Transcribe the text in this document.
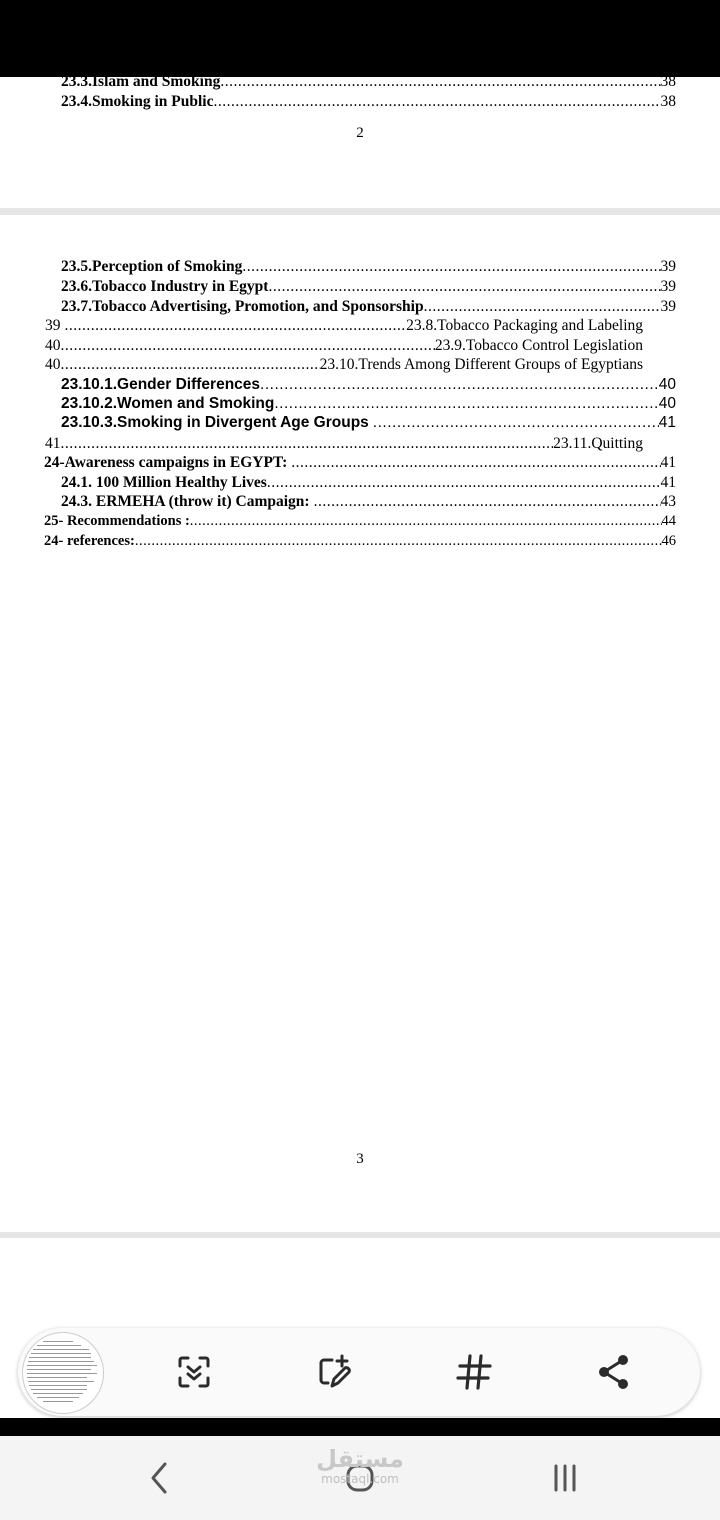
23.3.Islam and Smoking .....	38
23.4.Smoking in Public .....	38
2
23.5.Perception of Smoking .....	39
23.6.Tobacco Industry in Egypt .....	39
23.7.Tobacco Advertising, Promotion, and Sponsorship .....	39
39 .....	23.8.Tobacco Packaging and Labeling
40 .....	23.9.Tobacco Control Legislation
40 .....	23.10.Trends Among Different Groups of Egyptians
23.10.1.Gender Differences .....	40
23.10.2.Women and Smoking .....	40
23.10.3.Smoking in Divergent Age Groups .....	41
41 .....	23.11.Quitting
24-Awareness campaigns in EGYPT: .....	41
24.1. 100 Million Healthy Lives .....	41
24.3. ERMEHA (throw it) Campaign: .....	43
25- Recommendations : .....	44
24- references: .....	46
3
مستقل
mostaql.com
